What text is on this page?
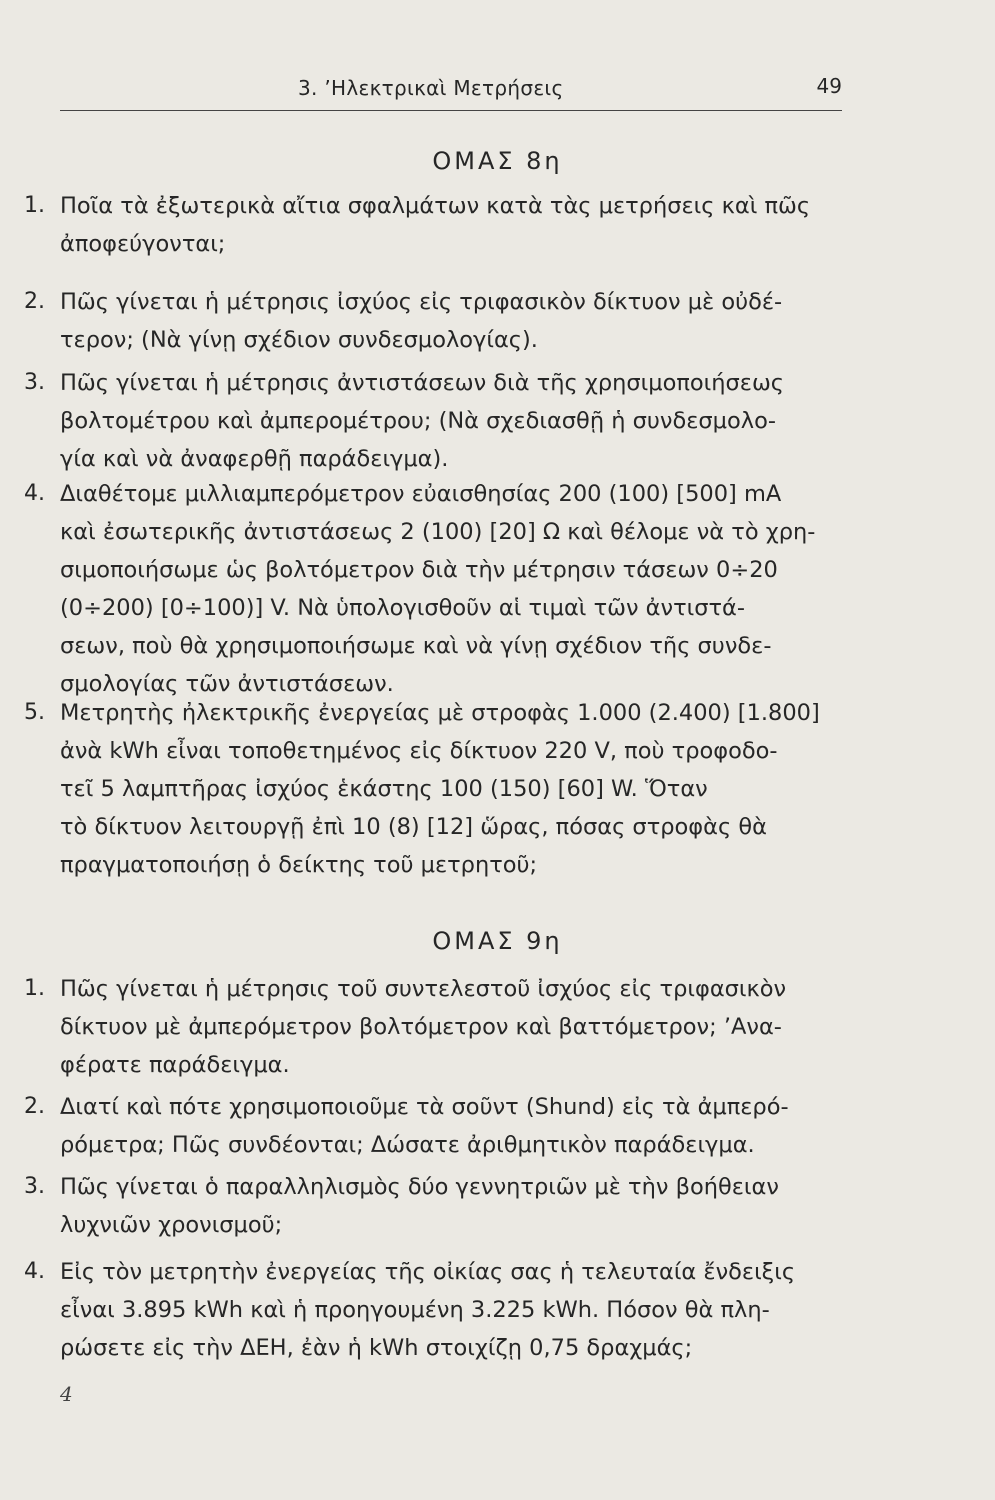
3. ’Ηλεκτρικαὶ Μετρήσεις	49
ΟΜΑΣ 8η
1. Ποῖα τὰ ἐξωτερικὰ αἴτια σφαλμάτων κατὰ τὰς μετρήσεις καὶ πῶς
ἀποφεύγονται;
2. Πῶς γίνεται ἡ μέτρησις ἰσχύος εἰς τριφασικὸν δίκτυον μὲ οὐδέ-
τερον; (Νὰ γίνῃ σχέδιον συνδεσμολογίας).
3. Πῶς γίνεται ἡ μέτρησις ἀντιστάσεων διὰ τῆς χρησιμοποιήσεως
βολτομέτρου καὶ ἀμπερομέτρου; (Νὰ σχεδιασθῇ ἡ συνδεσμολο-
γία καὶ νὰ ἀναφερθῇ παράδειγμα).
4. Διαθέτομε μιλλιαμπερόμετρον εὐαισθησίας 200 (100) [500] mA
καὶ ἐσωτερικῆς ἀντιστάσεως 2 (100) [20] Ω καὶ θέλομε νὰ τὸ χρη-
σιμοποιήσωμε ὡς βολτόμετρον διὰ τὴν μέτρησιν τάσεων 0÷20
(0÷200) [0÷100)] V. Νὰ ὑπολογισθοῦν αἱ τιμαὶ τῶν ἀντιστά-
σεων, ποὺ θὰ χρησιμοποιήσωμε καὶ νὰ γίνῃ σχέδιον τῆς συνδε-
σμολογίας τῶν ἀντιστάσεων.
5. Μετρητὴς ἠλεκτρικῆς ἐνεργείας μὲ στροφὰς 1.000 (2.400) [1.800]
ἀνὰ kWh εἶναι τοποθετημένος εἰς δίκτυον 220 V, ποὺ τροφοδο-
τεῖ 5 λαμπτῆρας ἰσχύος ἑκάστης 100 (150) [60] W. Ὅταν
τὸ δίκτυον λειτουργῇ ἐπὶ 10 (8) [12] ὥρας, πόσας στροφὰς θὰ
πραγματοποιήσῃ ὁ δείκτης τοῦ μετρητοῦ;
ΟΜΑΣ 9η
1. Πῶς γίνεται ἡ μέτρησις τοῦ συντελεστοῦ ἰσχύος εἰς τριφασικὸν
δίκτυον μὲ ἀμπερόμετρον βολτόμετρον καὶ βαττόμετρον; ’Ανα-
φέρατε παράδειγμα.
2. Διατί καὶ πότε χρησιμοποιοῦμε τὰ σοῦντ (Shund) εἰς τὰ ἀμπερό-
ρόμετρα; Πῶς συνδέονται; Δώσατε ἀριθμητικὸν παράδειγμα.
3. Πῶς γίνεται ὁ παραλληλισμὸς δύο γεννητριῶν μὲ τὴν βοήθειαν
λυχνιῶν χρονισμοῦ;
4. Εἰς τὸν μετρητὴν ἐνεργείας τῆς οἰκίας σας ἡ τελευταία ἔνδειξις
εἶναι 3.895 kWh καὶ ἡ προηγουμένη 3.225 kWh. Πόσον θὰ πλη-
ρώσετε εἰς τὴν ΔΕΗ, ἐὰν ἡ kWh στοιχίζῃ 0,75 δραχμάς;
4
